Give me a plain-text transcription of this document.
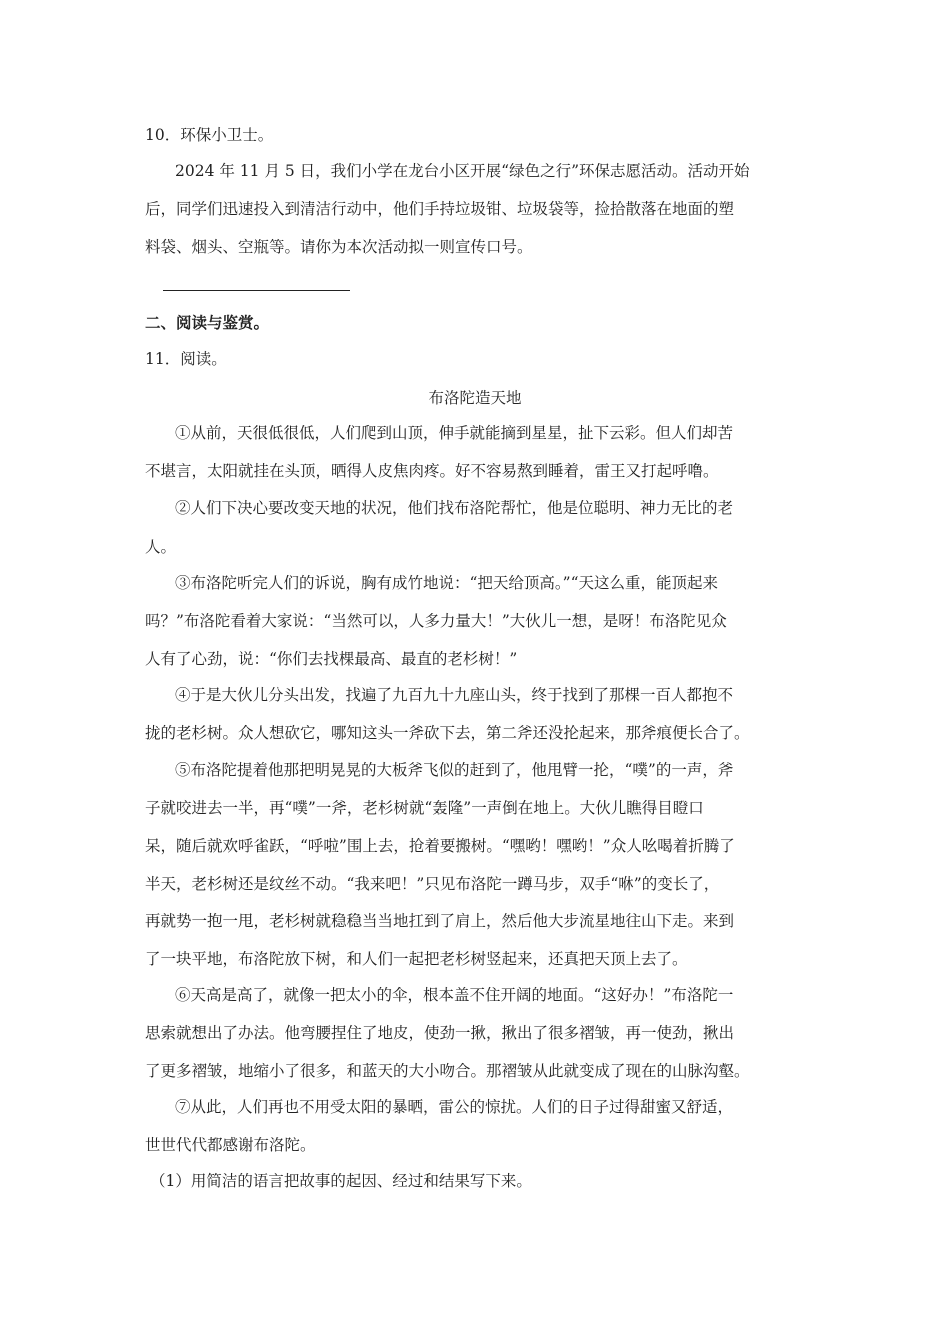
10．环保小卫士。
2024 年 11 月 5 日，我们小学在龙台小区开展“绿色之行”环保志愿活动。活动开始
后，同学们迅速投入到清洁行动中，他们手持垃圾钳、垃圾袋等，捡拾散落在地面的塑
料袋、烟头、空瓶等。请你为本次活动拟一则宣传口号。
二、阅读与鉴赏。
11．阅读。
布洛陀造天地
①从前，天很低很低，人们爬到山顶，伸手就能摘到星星，扯下云彩。但人们却苦
不堪言，太阳就挂在头顶，晒得人皮焦肉疼。好不容易熬到睡着，雷王又打起呼噜。
②人们下决心要改变天地的状况，他们找布洛陀帮忙，他是位聪明、神力无比的老
人。
③布洛陀听完人们的诉说，胸有成竹地说：“把天给顶高。”“天这么重，能顶起来
吗？”布洛陀看着大家说：“当然可以，人多力量大！”大伙儿一想，是呀！布洛陀见众
人有了心劲，说：“你们去找棵最高、最直的老杉树！”
④于是大伙儿分头出发，找遍了九百九十九座山头，终于找到了那棵一百人都抱不
拢的老杉树。众人想砍它，哪知这头一斧砍下去，第二斧还没抡起来，那斧痕便长合了。
⑤布洛陀提着他那把明晃晃的大板斧飞似的赶到了，他甩臂一抡，“噗”的一声，斧
子就咬进去一半，再“噗”一斧，老杉树就“轰隆”一声倒在地上。大伙儿瞧得目瞪口
呆，随后就欢呼雀跃，“呼啦”围上去，抢着要搬树。“嘿哟！嘿哟！”众人吆喝着折腾了
半天，老杉树还是纹丝不动。“我来吧！”只见布洛陀一蹲马步，双手“咻”的变长了，
再就势一抱一甩，老杉树就稳稳当当地扛到了肩上，然后他大步流星地往山下走。来到
了一块平地，布洛陀放下树，和人们一起把老杉树竖起来，还真把天顶上去了。
⑥天高是高了，就像一把太小的伞，根本盖不住开阔的地面。“这好办！”布洛陀一
思索就想出了办法。他弯腰捏住了地皮，使劲一揪，揪出了很多褶皱，再一使劲，揪出
了更多褶皱，地缩小了很多，和蓝天的大小吻合。那褶皱从此就变成了现在的山脉沟壑。
⑦从此，人们再也不用受太阳的暴晒，雷公的惊扰。人们的日子过得甜蜜又舒适，
世世代代都感谢布洛陀。
（1）用简洁的语言把故事的起因、经过和结果写下来。
